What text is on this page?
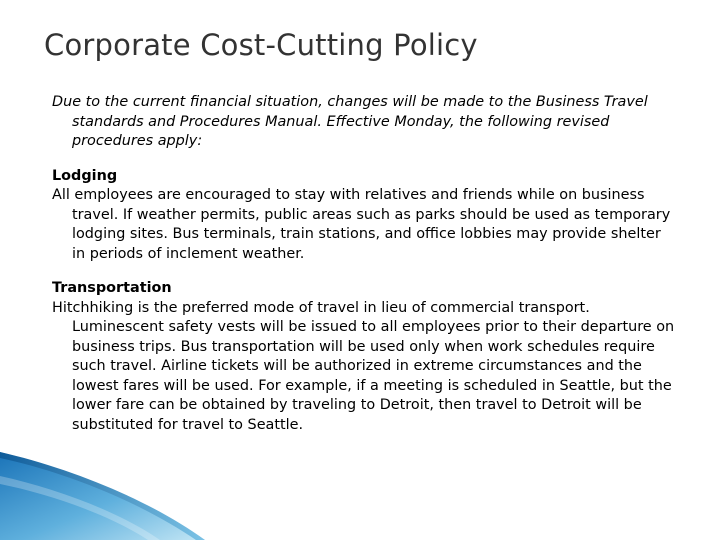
Corporate Cost-Cutting Policy

Due to the current financial situation, changes will be made to the Business Travel standards and Procedures Manual. Effective Monday, the following revised procedures apply:

Lodging

All employees are encouraged to stay with relatives and friends while on business travel. If weather permits, public areas such as parks should be used as temporary lodging sites. Bus terminals, train stations, and office lobbies may provide shelter in periods of inclement weather.

Transportation

Hitchhiking is the preferred mode of travel in lieu of commercial transport. Luminescent safety vests will be issued to all employees prior to their departure on business trips. Bus transportation will be used only when work schedules require such travel. Airline tickets will be authorized in extreme circumstances and the lowest fares will be used. For example, if a meeting is scheduled in Seattle, but the lower fare can be obtained by traveling to Detroit, then travel to Detroit will be substituted for travel to Seattle.
